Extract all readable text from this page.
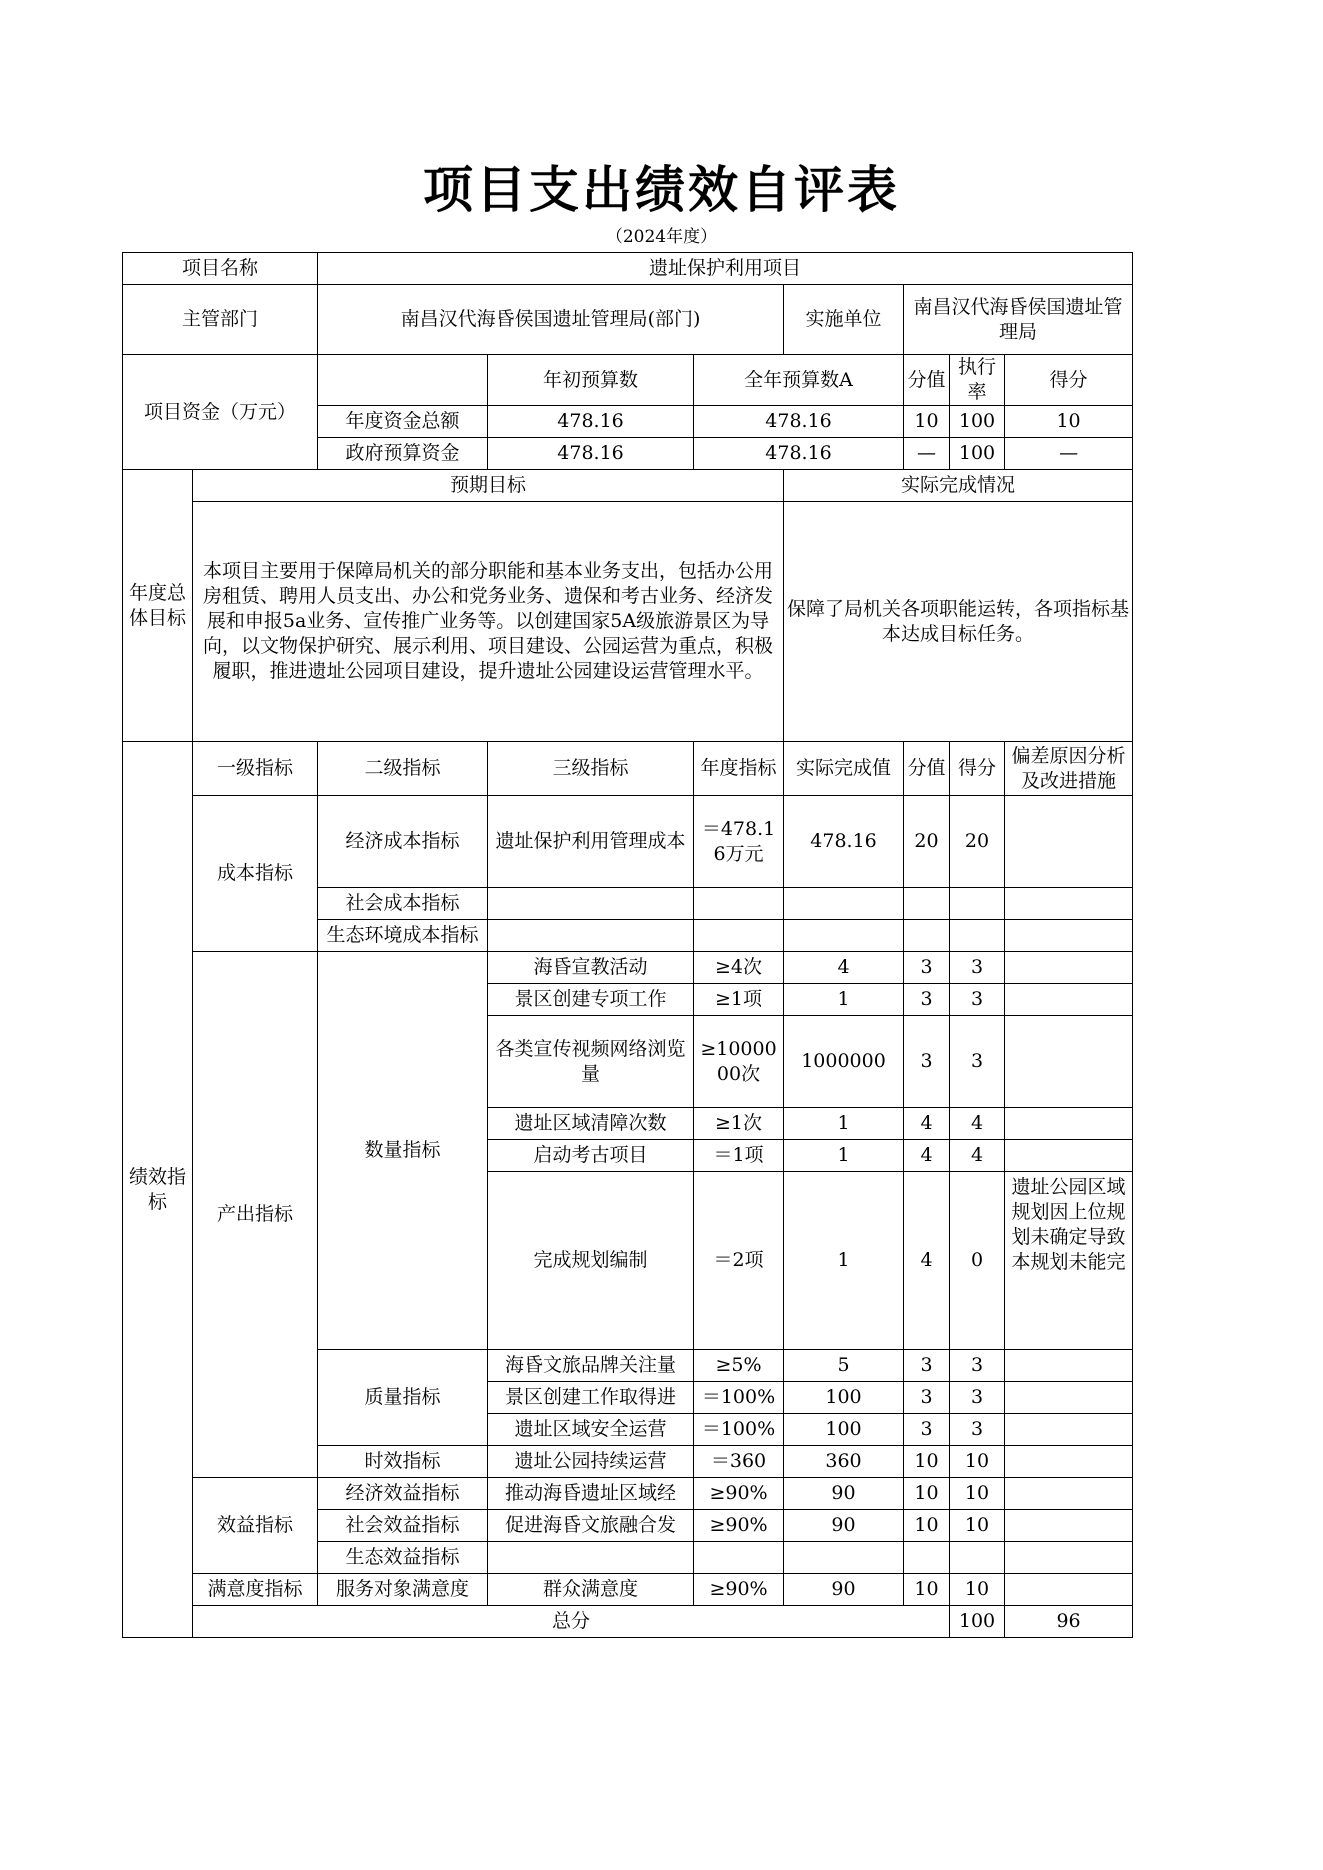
项目支出绩效自评表
（2024年度）
项目名称		遗址保护利用项目							
主管部门		南昌汉代海昏侯国遗址管理局(部门)			实施单位	南昌汉代海昏侯国遗址管理局			
项目资金（万元）			年初预算数	全年预算数A		分值	执行率	得分	
		年度资金总额	478.16	478.16		10	100	10	
		政府预算资金	478.16	478.16		—	100	—	
年度总体目标	预期目标				实际完成情况				
	本项目主要用于保障局机关的部分职能和基本业务支出，包括办公用房租赁、聘用人员支出、办公和党务业务、遗保和考古业务、经济发展和申报5a业务、宣传推广业务等。以创建国家5A级旅游景区为导向，以文物保护研究、展示利用、项目建设、公园运营为重点，积极履职，推进遗址公园项目建设，提升遗址公园建设运营管理水平。				保障了局机关各项职能运转，各项指标基本达成目标任务。				
绩效指标	一级指标	二级指标	三级指标	年度指标	实际完成值	分值	得分	偏差原因分析及改进措施	
	成本指标	经济成本指标	遗址保护利用管理成本	＝478.16万元	478.16	20	20		
		社会成本指标							
		生态环境成本指标							
	产出指标	数量指标	海昏宣教活动	≥4次	4	3	3		
			景区创建专项工作	≥1项	1	3	3		
			各类宣传视频网络浏览量	≥1000000次	1000000	3	3		
			遗址区域清障次数	≥1次	1	4	4		
			启动考古项目	＝1项	1	4	4		
			完成规划编制	＝2项	1	4	0	遗址公园区域规划因上位规划未确定导致本规划未能完	

		质量指标	海昏文旅品牌关注量	≥5%	5	3	3		
			景区创建工作取得进	＝100%	100	3	3		
			遗址区域安全运营	＝100%	100	3	3		
		时效指标	遗址公园持续运营	＝360	360	10	10		
	效益指标	经济效益指标	推动海昏遗址区域经	≥90%	90	10	10		
		社会效益指标	促进海昏文旅融合发	≥90%	90	10	10		
		生态效益指标							
	满意度指标	服务对象满意度	群众满意度	≥90%	90	10	10		
	总分						100	96	
